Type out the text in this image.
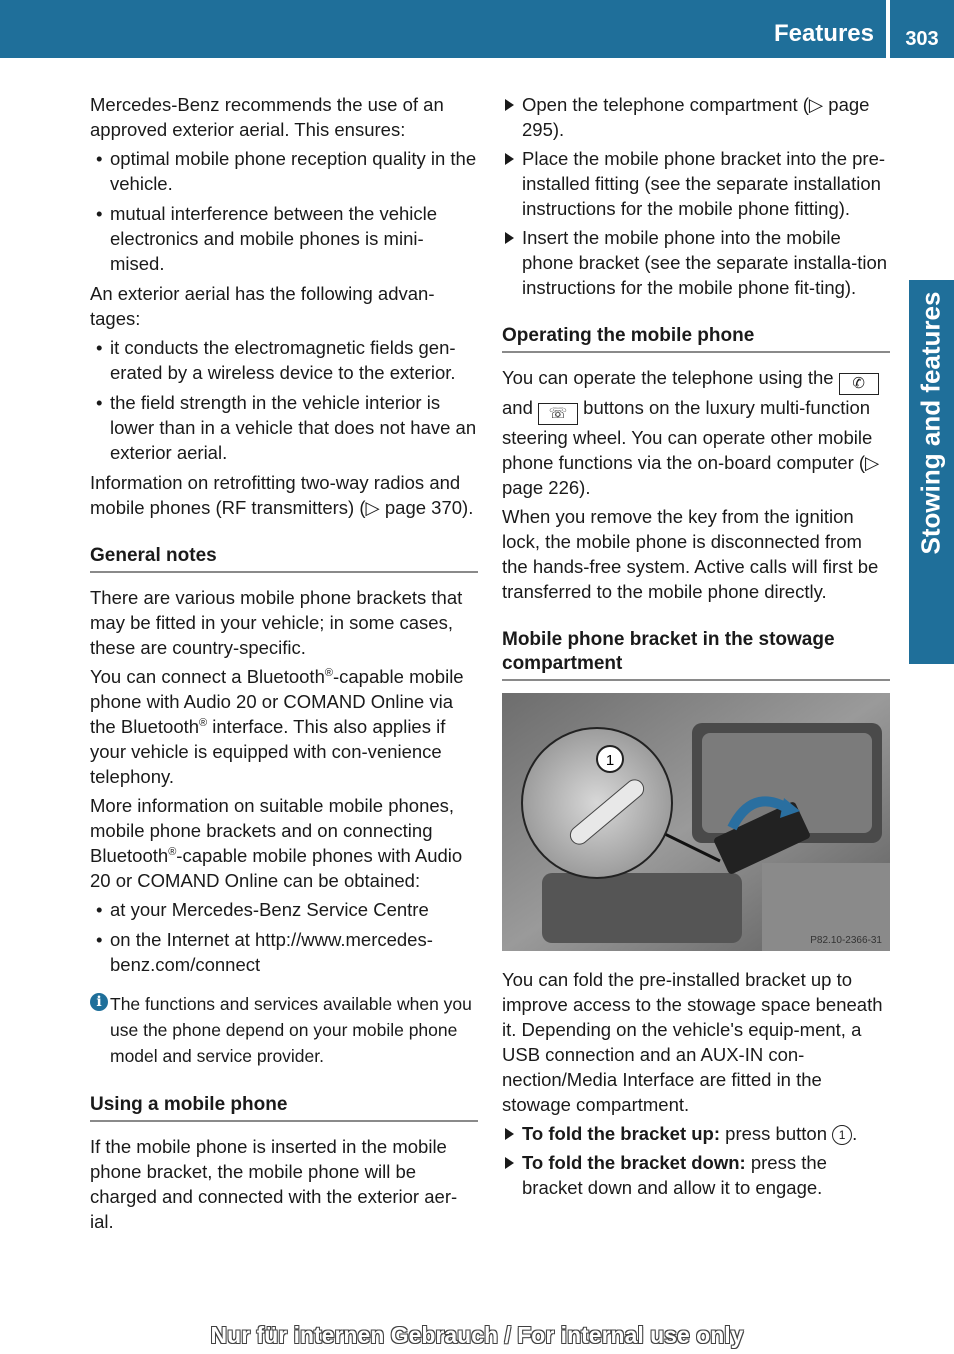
Features	303
Stowing and features

Mercedes-Benz recommends the use of an approved exterior aerial. This ensures:

• optimal mobile phone reception quality in the vehicle.
• mutual interference between the vehicle electronics and mobile phones is mini-mised.

An exterior aerial has the following advan-tages:

• it conducts the electromagnetic fields gen-erated by a wireless device to the exterior.
• the field strength in the vehicle interior is lower than in a vehicle that does not have an exterior aerial.

Information on retrofitting two-way radios and mobile phones (RF transmitters) (▷ page 370).

General notes

There are various mobile phone brackets that may be fitted in your vehicle; in some cases, these are country-specific.

You can connect a Bluetooth®-capable mobile phone with Audio 20 or COMAND Online via the Bluetooth® interface. This also applies if your vehicle is equipped with con-venience telephony.

More information on suitable mobile phones, mobile phone brackets and on connecting Bluetooth®-capable mobile phones with Audio 20 or COMAND Online can be obtained:

• at your Mercedes-Benz Service Centre
• on the Internet at http://www.mercedes-benz.com/connect
i The functions and services available when you use the phone depend on your mobile phone model and service provider.
Using a mobile phone

If the mobile phone is inserted in the mobile phone bracket, the mobile phone will be charged and connected with the exterior aer-ial.

Open the telephone compartment (▷ page 295).
Place the mobile phone bracket into the pre-installed fitting (see the separate installation instructions for the mobile phone fitting).
Insert the mobile phone into the mobile phone bracket (see the separate installa-tion instructions for the mobile phone fit-ting).
Operating the mobile phone

You can operate the telephone using the ✆ and ☏ buttons on the luxury multi-function steering wheel. You can operate other mobile phone functions via the on-board computer (▷ page 226).

When you remove the key from the ignition lock, the mobile phone is disconnected from the hands-free system. Active calls will first be transferred to the mobile phone directly.

Mobile phone bracket in the stowage compartment
1
P82.10-2366-31

You can fold the pre-installed bracket up to improve access to the stowage space beneath it. Depending on the vehicle's equip-ment, a USB connection and an AUX-IN con-nection/Media Interface are fitted in the stowage compartment.

To fold the bracket up: press button 1 .
To fold the bracket down: press the bracket down and allow it to engage.
Nur für internen Gebrauch / For internal use only
